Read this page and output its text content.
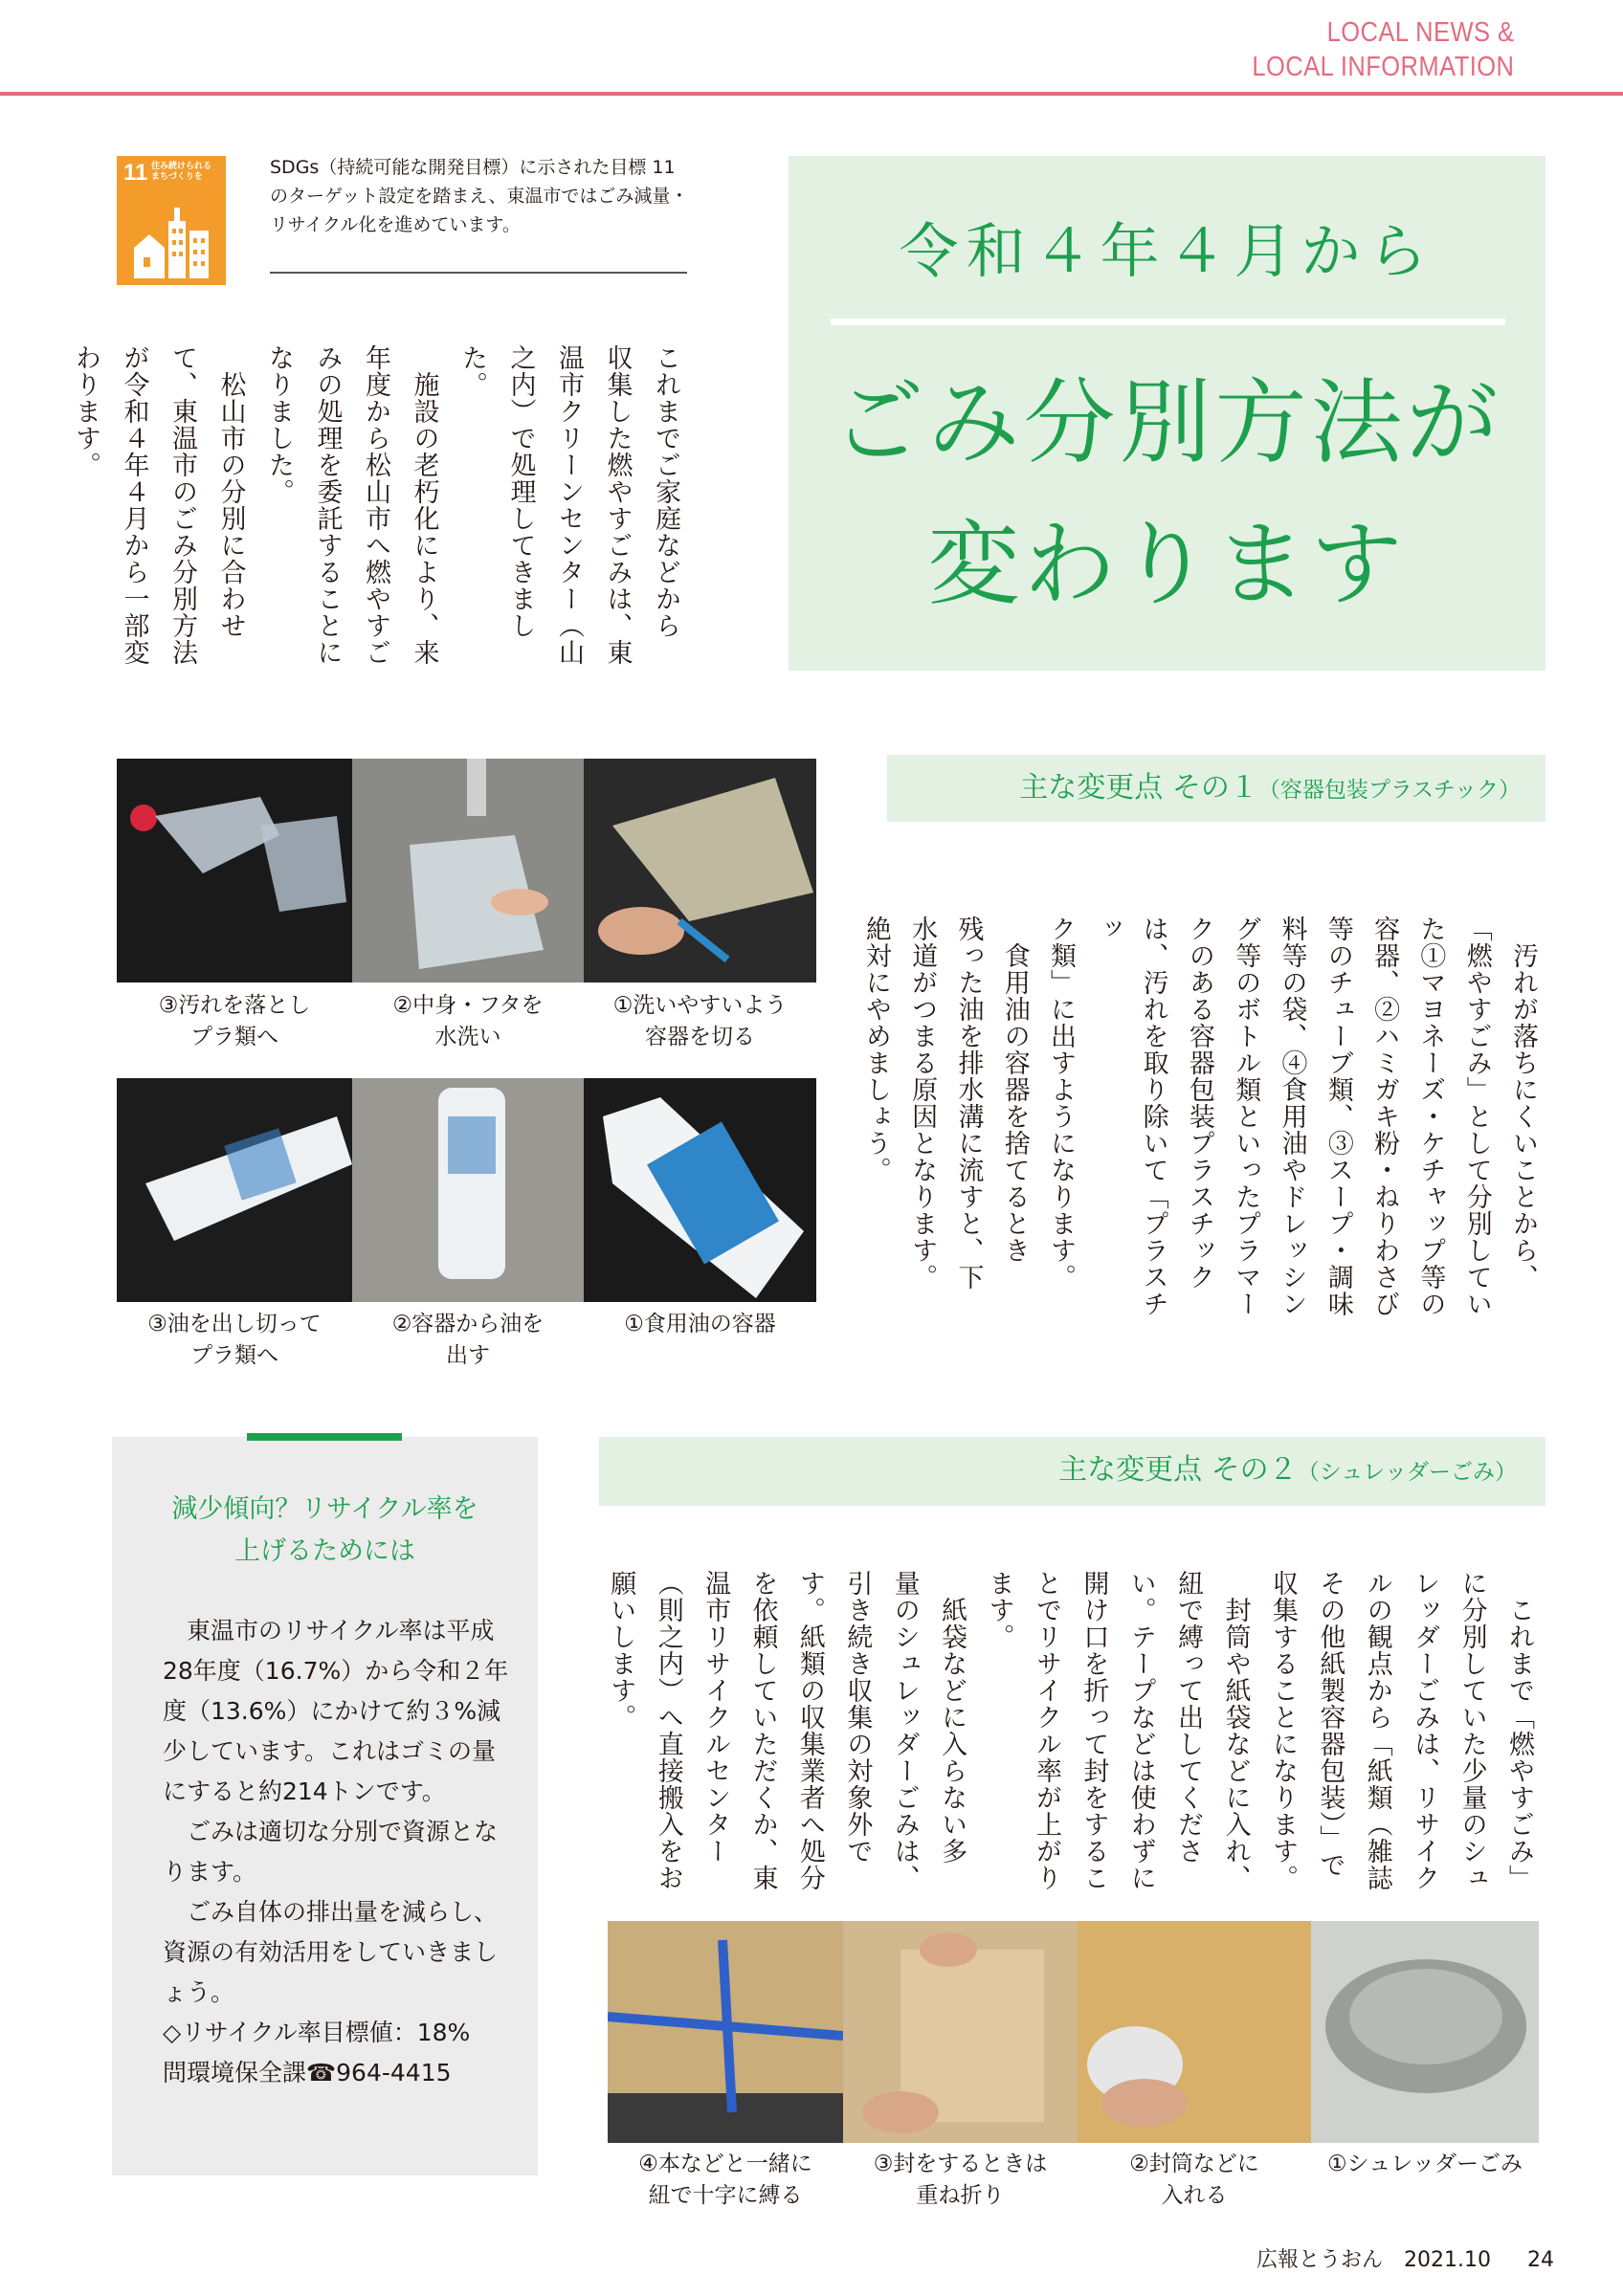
LOCAL NEWS &
LOCAL INFORMATION
11 住み続けられる
まちづくりを	SDGs（持続可能な開発目標）に示された目標 11 のターゲット設定を踏まえ、東温市ではごみ減量・リサイクル化を進めています。	令和４年４月から
ごみ分別方法が
変わります
これまでご家庭などから
収集した燃やすごみは、東
温市クリーンセンター（山
之内）で処理してきました。
　施設の老朽化により、来
年度から松山市へ燃やすご
みの処理を委託することに
なりました。
　松山市の分別に合わせ
て、東温市のごみ分別方法
が令和４年４月から一部変
わります。
③汚れを落とし
プラ類へ
②中身・フタを
水洗い
①洗いやすいよう
容器を切る
③油を出し切って
プラ類へ
②容器から油を
出す
①食用油の容器
主な変更点 その１（容器包装プラスチック）
　汚れが落ちにくいことから、
「燃やすごみ」として分別してい
た①マヨネーズ・ケチャップ等の
容器、②ハミガキ粉・ねりわさび
等のチューブ類、③スープ・調味
料等の袋、④食用油やドレッシン
グ等のボトル類といったプラマー
クのある容器包装プラスチック
は、汚れを取り除いて「プラスチッ
ク類」に出すようになります。
　食用油の容器を捨てるとき
残った油を排水溝に流すと、下
水道がつまる原因となります。
絶対にやめましょう。
減少傾向？リサイクル率を
上げるためには

東温市のリサイクル率は平成28年度（16.7%）から令和２年度（13.6%）にかけて約３%減少しています。これはゴミの量にすると約214トンです。

ごみは適切な分別で資源となります。

ごみ自体の排出量を減らし、資源の有効活用をしていきましょう。

◇リサイクル率目標値：18%

問環境保全課☎964-4415

主な変更点 その２（シュレッダーごみ）
　これまで「燃やすごみ」
に分別していた少量のシュ
レッダーごみは、リサイク
ルの観点から「紙類（雑誌
その他紙製容器包装）」で
収集することになります。
　封筒や紙袋などに入れ、
紐で縛って出してくださ
い。テープなどは使わずに
開け口を折って封をするこ
とでリサイクル率が上がり
ます。
　紙袋などに入らない多
量のシュレッダーごみは、
引き続き収集の対象外で
す。紙類の収集業者へ処分
を依頼していただくか、東
温市リサイクルセンター
（則之内）へ直接搬入をお
願いします。
④本などと一緒に
紐で十字に縛る
③封をするときは
重ね折り
②封筒などに
入れる
①シュレッダーごみ
広報とうおん　2021.10 24
